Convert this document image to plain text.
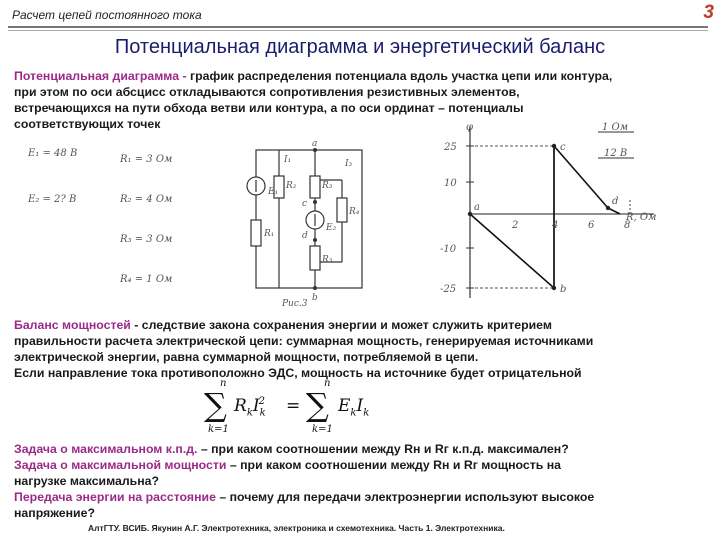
Расчет цепей постоянного тока	3
Потенциальная диаграмма и энергетический баланс
Потенциальная диаграмма - график распределения потенциала вдоль участка цепи или контура,
при этом по оси абсцисс откладываются сопротивления резистивных элементов,
встречающихся на пути обхода ветви или контура, а по оси ординат – потенциалы
соответствующих точек
E₁ = 48 В
E₂ = 2? В
R₁ = 3 Ом
R₂ = 4 Ом
R₃ = 3 Ом
R₄ = 1 Ом
a
b
c
d
I₁	I₃
E₁
R₂	R₃
R₄
R₁
E₂
R₃
Рис.3
φ
R, Ом
25
10
-10
-25
2	4	6	8
c
d
a
b
1 Ом
12 В
Баланс мощностей - следствие закона сохранения энергии и может служить критерием
правильности расчета электрической цепи: суммарная мощность, генерируемая источниками
электрической энергии, равна суммарной мощности, потребляемой в цепи.
Если направление тока противоположно ЭДС, мощность на источнике будет отрицательной
n
∑
k=1
$R_kI_k^2$	=
n
∑
k=1
$E_kI_k$
Задача о максимальном к.п.д. – при каком соотношении между Rн и Rг к.п.д. максимален?
Задача о максимальной мощности – при каком соотношении между Rн и Rг мощность на
нагрузке максимальна?
Передача энергии на расстояние – почему для передачи электроэнергии используют высокое
напряжение?
АлтГТУ. ВСИБ. Якунин А.Г. Электротехника, электроника и схемотехника. Часть 1. Электротехника.
